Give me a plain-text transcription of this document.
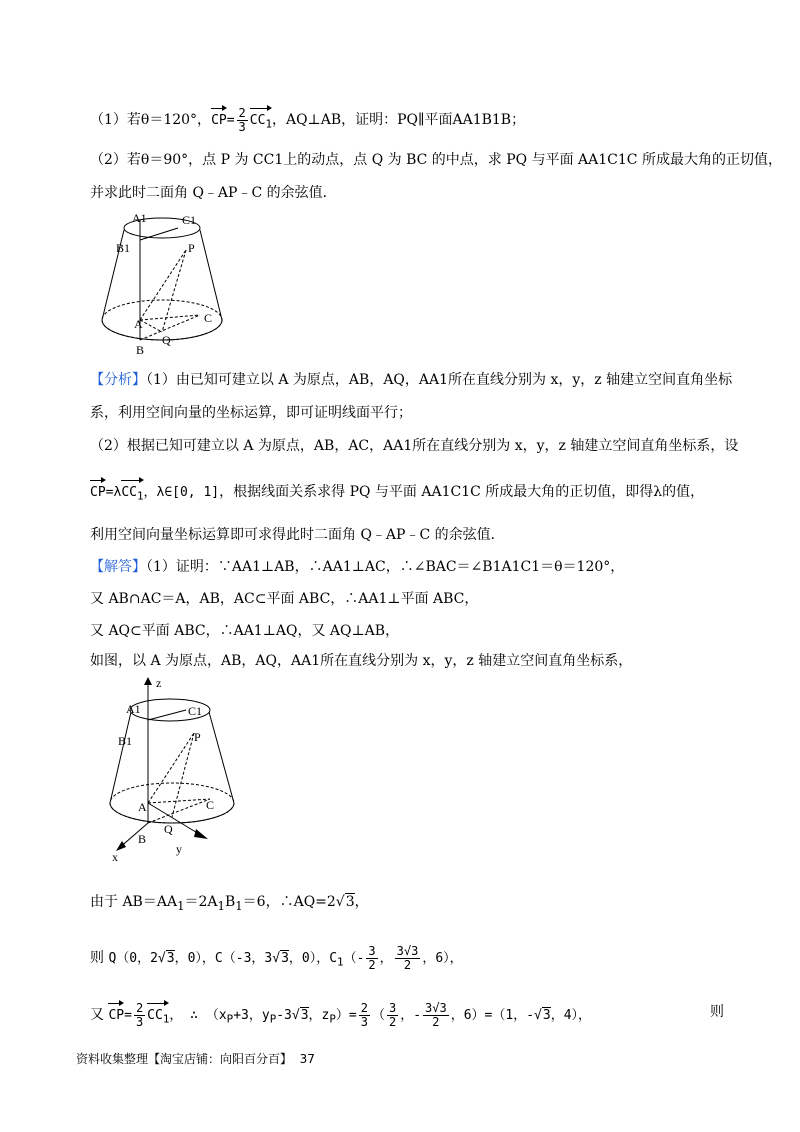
（1）若θ＝120°，$CP= \frac{2}{3} CC_1$，AQ⊥AB，证明：PQ∥平面AA1B1B；
（2）若θ＝90°，点 P 为 CC1上的动点，点 Q 为 BC 的中点，求 PQ 与平面 AA1C1C 所成最大角的正切值，
并求此时二面角 Q﹣AP﹣C 的余弦值．
A1	C1
B1	P
A	C
B
Q
【分析】（1）由已知可建立以 A 为原点，AB，AQ，AA1所在直线分别为 x，y，z 轴建立空间直角坐标
系，利用空间向量的坐标运算，即可证明线面平行；
（2）根据已知可建立以 A 为原点，AB，AC，AA1所在直线分别为 x，y，z 轴建立空间直角坐标系，设
CP=λCC$_1$，λ∈[0, 1]，根据线面关系求得 PQ 与平面 AA1C1C 所成最大角的正切值，即得λ的值，
利用空间向量坐标运算即可求得此时二面角 Q﹣AP﹣C 的余弦值．
【解答】（1）证明：∵AA1⊥AB，∴AA1⊥AC，∴∠BAC＝∠B1A1C1＝θ＝120°，
又 AB∩AC＝A，AB，AC⊂平面 ABC，∴AA1⊥平面 ABC，
又 AQ⊂平面 ABC，∴AA1⊥AQ，又 AQ⊥AB，
如图，以 A 为原点，AB，AQ，AA1所在直线分别为 x，y，z 轴建立空间直角坐标系，
z
A1	C1
B1	P
A	C
Q
B
x
y
由于 $AB=AA_1=2A_1B_1=6$，∴AQ=2√3，
则 Q（0，2√3，0），C（-3，3√3，0），$C_1(- \frac{3}{2}$ ， $\frac{3√3}{2}$ ，6），
又 $CP= \frac{2}{3} CC_1$， ∴ （$x_P+3$，$y_P-3√3$，$z_P)= \frac{2}{3}$ （ $\frac{3}{2}$ ，- $\frac{3√3}{2}$ ，6）=（1，-√3，4），	则
资料收集整理【淘宝店铺：向阳百分百】 37
